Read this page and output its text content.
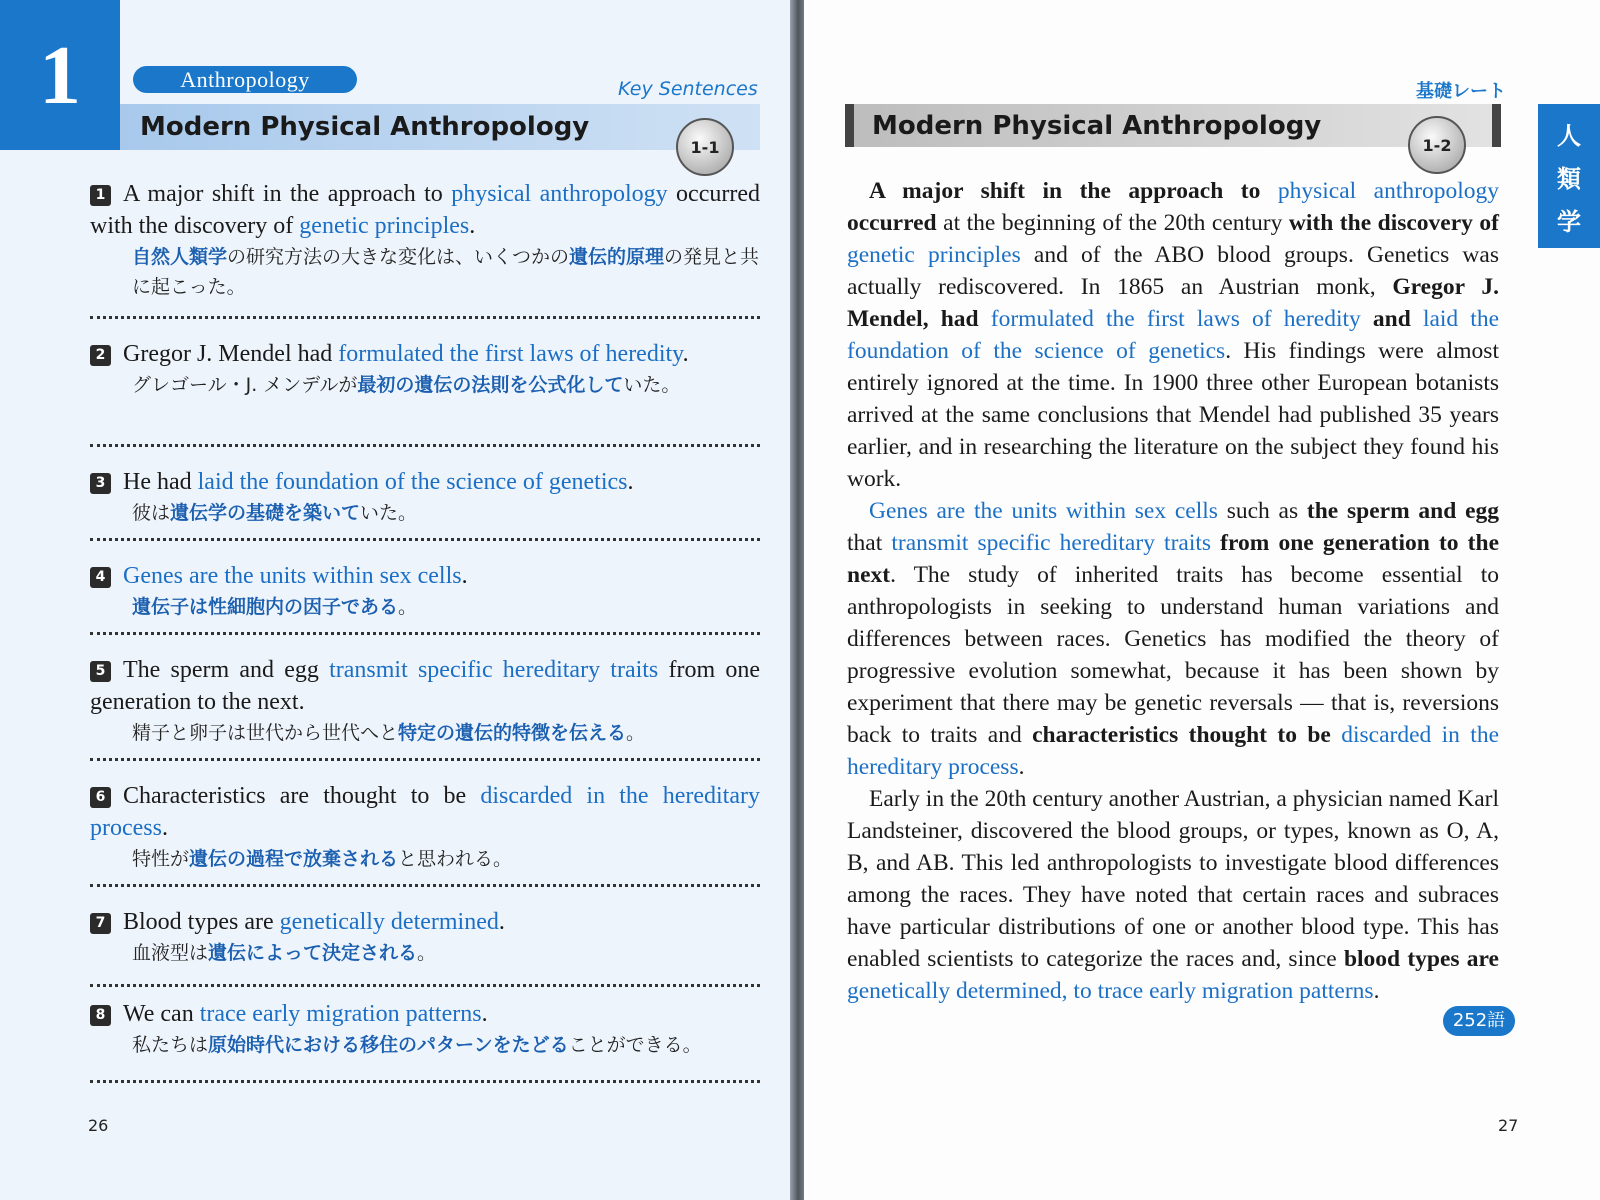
1	Anthropology	Key Sentences
Modern Physical Anthropology
1-1
1 A major shift in the approach to physical anthropology occurred with the discovery of genetic principles.
自然人類学の研究方法の大きな変化は、いくつかの遺伝的原理の発見と共に起こった。
2 Gregor J. Mendel had formulated the first laws of heredity.
グレゴール・J. メンデルが最初の遺伝の法則を公式化していた。
3 He had laid the foundation of the science of genetics.
彼は遺伝学の基礎を築いていた。
4 Genes are the units within sex cells.
遺伝子は性細胞内の因子である。
5 The sperm and egg transmit specific hereditary traits from one generation to the next.
精子と卵子は世代から世代へと特定の遺伝的特徴を伝える。
6 Characteristics are thought to be discarded in the hereditary process.
特性が遺伝の過程で放棄されると思われる。
7 Blood types are genetically determined.
血液型は遺伝によって決定される。
8 We can trace early migration patterns.
私たちは原始時代における移住のパターンをたどることができる。
26
基礎レート
Modern Physical Anthropology
1-2	人
類
学

A major shift in the approach to physical anthropology occurred at the beginning of the 20th century with the discovery of genetic principles and of the ABO blood groups. Genetics was actually rediscovered. In 1865 an Austrian monk, Gregor J. Mendel, had formulated the first laws of heredity and laid the foundation of the science of genetics. His findings were almost entirely ignored at the time. In 1900 three other European botanists arrived at the same conclusions that Mendel had published 35 years earlier, and in researching the literature on the subject they found his work.

Genes are the units within sex cells such as the sperm and egg that transmit specific hereditary traits from one generation to the next. The study of inherited traits has become essential to anthropologists in seeking to understand human variations and differences between races. Genetics has modified the theory of progressive evolution somewhat, because it has been shown by experiment that there may be genetic reversals — that is, reversions back to traits and characteristics thought to be discarded in the hereditary process.

Early in the 20th century another Austrian, a physician named Karl Landsteiner, discovered the blood groups, or types, known as O, A, B, and AB. This led anthropologists to investigate blood differences among the races. They have noted that certain races and subraces have particular distributions of one or another blood type. This has enabled scientists to categorize the races and, since blood types are genetically determined, to trace early migration patterns.

252語
27
